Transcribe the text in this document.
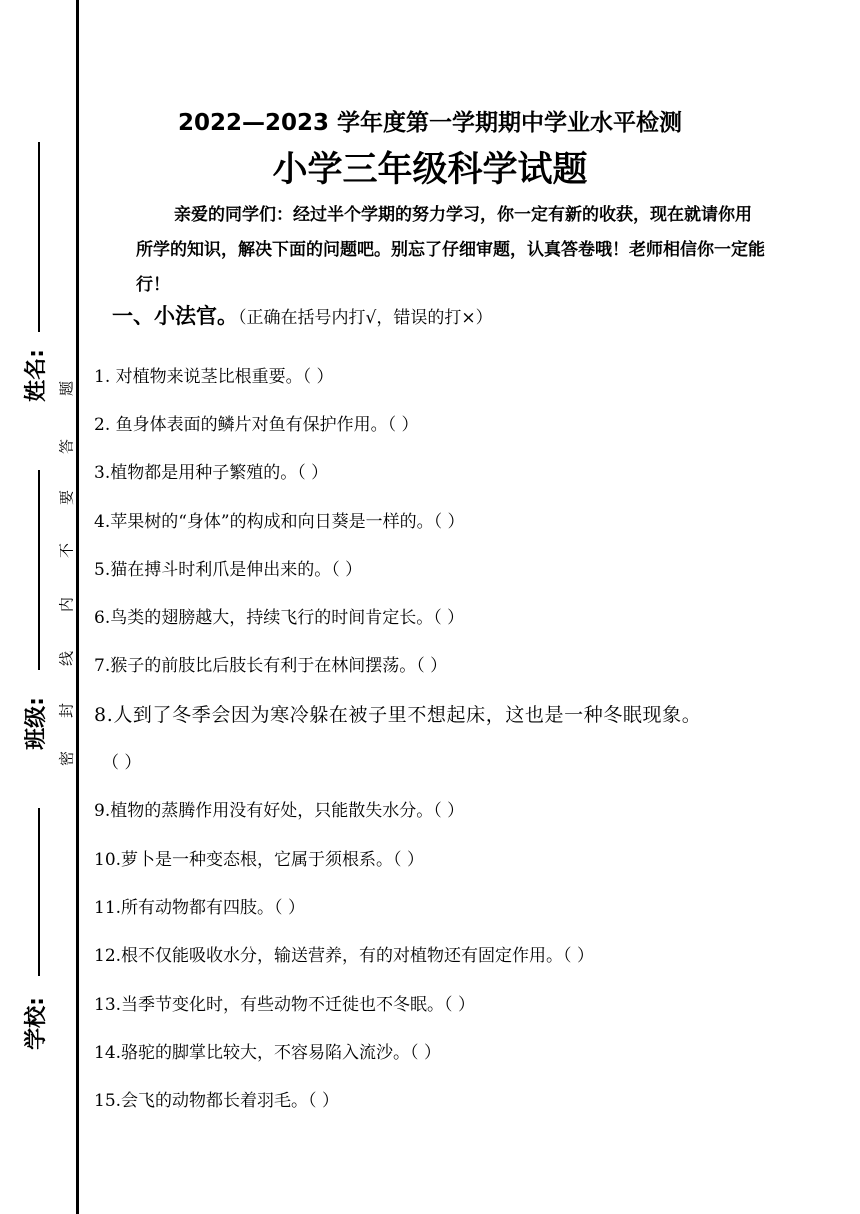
姓名:
班级:
学校:
密
封
线
内
不
要
答
题
2022—2023 学年度第一学期期中学业水平检测
小学三年级科学试题
亲爱的同学们：经过半个学期的努力学习，你一定有新的收获，现在就请你用所学的知识，解决下面的问题吧。别忘了仔细审题，认真答卷哦！老师相信你一定能行！
一、小法官。（正确在括号内打√，错误的打×）
1. 对植物来说茎比根重要。（ ）
2. 鱼身体表面的鳞片对鱼有保护作用。（ ）
3.植物都是用种子繁殖的。（ ）
4.苹果树的“身体”的构成和向日葵是一样的。（ ）
5.猫在搏斗时利爪是伸出来的。（ ）
6.鸟类的翅膀越大，持续飞行的时间肯定长。（ ）
7.猴子的前肢比后肢长有利于在林间摆荡。（ ）
8.人到了冬季会因为寒冷躲在被子里不想起床，这也是一种冬眠现象。
（ ）
9.植物的蒸腾作用没有好处，只能散失水分。（ ）
10.萝卜是一种变态根，它属于须根系。（ ）
11.所有动物都有四肢。（ ）
12.根不仅能吸收水分，输送营养，有的对植物还有固定作用。（ ）
13.当季节变化时，有些动物不迁徙也不冬眠。（ ）
14.骆驼的脚掌比较大，不容易陷入流沙。（ ）
15.会飞的动物都长着羽毛。（ ）
